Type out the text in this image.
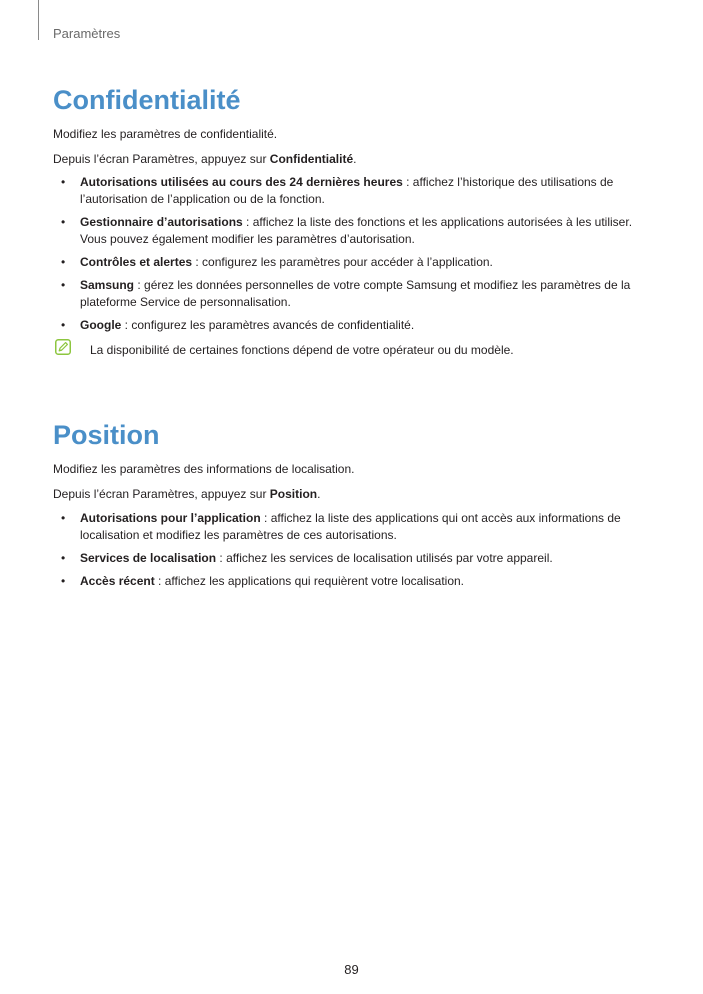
Paramètres
Confidentialité

Modifiez les paramètres de confidentialité.

Depuis l’écran Paramètres, appuyez sur Confidentialité.

• Autorisations utilisées au cours des 24 dernières heures : affichez l’historique des utilisations de l’autorisation de l’application ou de la fonction.
• Gestionnaire d’autorisations : affichez la liste des fonctions et les applications autorisées à les utiliser. Vous pouvez également modifier les paramètres d’autorisation.
• Contrôles et alertes : configurez les paramètres pour accéder à l’application.
• Samsung : gérez les données personnelles de votre compte Samsung et modifiez les paramètres de la plateforme Service de personnalisation.
• Google : configurez les paramètres avancés de confidentialité.
La disponibilité de certaines fonctions dépend de votre opérateur ou du modèle.
Position

Modifiez les paramètres des informations de localisation.

Depuis l’écran Paramètres, appuyez sur Position.

• Autorisations pour l’application : affichez la liste des applications qui ont accès aux informations de localisation et modifiez les paramètres de ces autorisations.
• Services de localisation : affichez les services de localisation utilisés par votre appareil.
• Accès récent : affichez les applications qui requièrent votre localisation.
89
